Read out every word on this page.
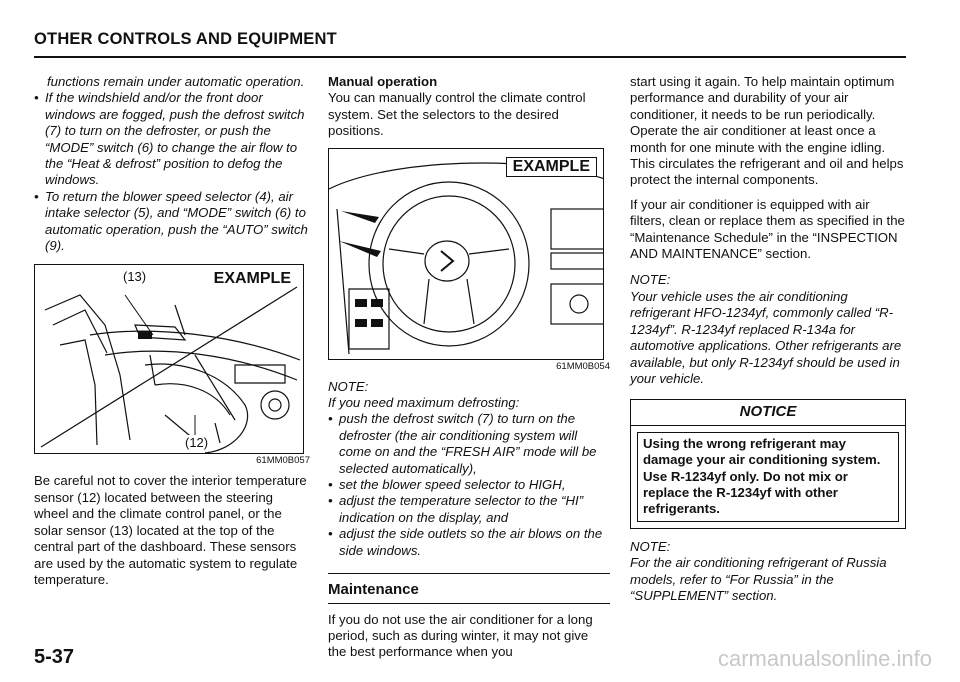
OTHER CONTROLS AND EQUIPMENT

functions remain under automatic operation.

• If the windshield and/or the front door windows are fogged, push the defrost switch (7) to turn on the defroster, or push the “MODE” switch (6) to change the air flow to the “Heat & defrost” position to defog the windows.
• To return the blower speed selector (4), air intake selector (5), and “MODE” switch (6) to automatic operation, push the “AUTO” switch (9).
EXAMPLE
(13)
(12)
61MM0B057

Be careful not to cover the interior temperature sensor (12) located between the steering wheel and the climate control panel, or the solar sensor (13) located at the top of the central part of the dashboard. These sensors are used by the automatic system to regulate temperature.

Manual operation

You can manually control the climate control system. Set the selectors to the desired positions.

EXAMPLE
61MM0B054

NOTE:

If you need maximum defrosting:

• push the defrost switch (7) to turn on the defroster (the air conditioning system will come on and the “FRESH AIR” mode will be selected automatically),
• set the blower speed selector to HIGH,
• adjust the temperature selector to the “HI” indication on the display, and
• adjust the side outlets so the air blows on the side windows.
Maintenance

If you do not use the air conditioner for a long period, such as during winter, it may not give the best performance when you

start using it again. To help maintain optimum performance and durability of your air conditioner, it needs to be run periodically. Operate the air conditioner at least once a month for one minute with the engine idling. This circulates the refrigerant and oil and helps protect the internal components.

If your air conditioner is equipped with air filters, clean or replace them as specified in the “Maintenance Schedule” in the “INSPECTION AND MAINTENANCE” section.

NOTE:

Your vehicle uses the air conditioning refrigerant HFO-1234yf, commonly called “R-1234yf”. R-1234yf replaced R-134a for automotive applications. Other refrigerants are available, but only R-1234yf should be used in your vehicle.

NOTICE
Using the wrong refrigerant may damage your air conditioning system. Use R-1234yf only. Do not mix or replace the R-1234yf with other refrigerants.

NOTE:

For the air conditioning refrigerant of Russia models, refer to “For Russia” in the “SUPPLEMENT” section.

5-37	carmanualsonline.info
